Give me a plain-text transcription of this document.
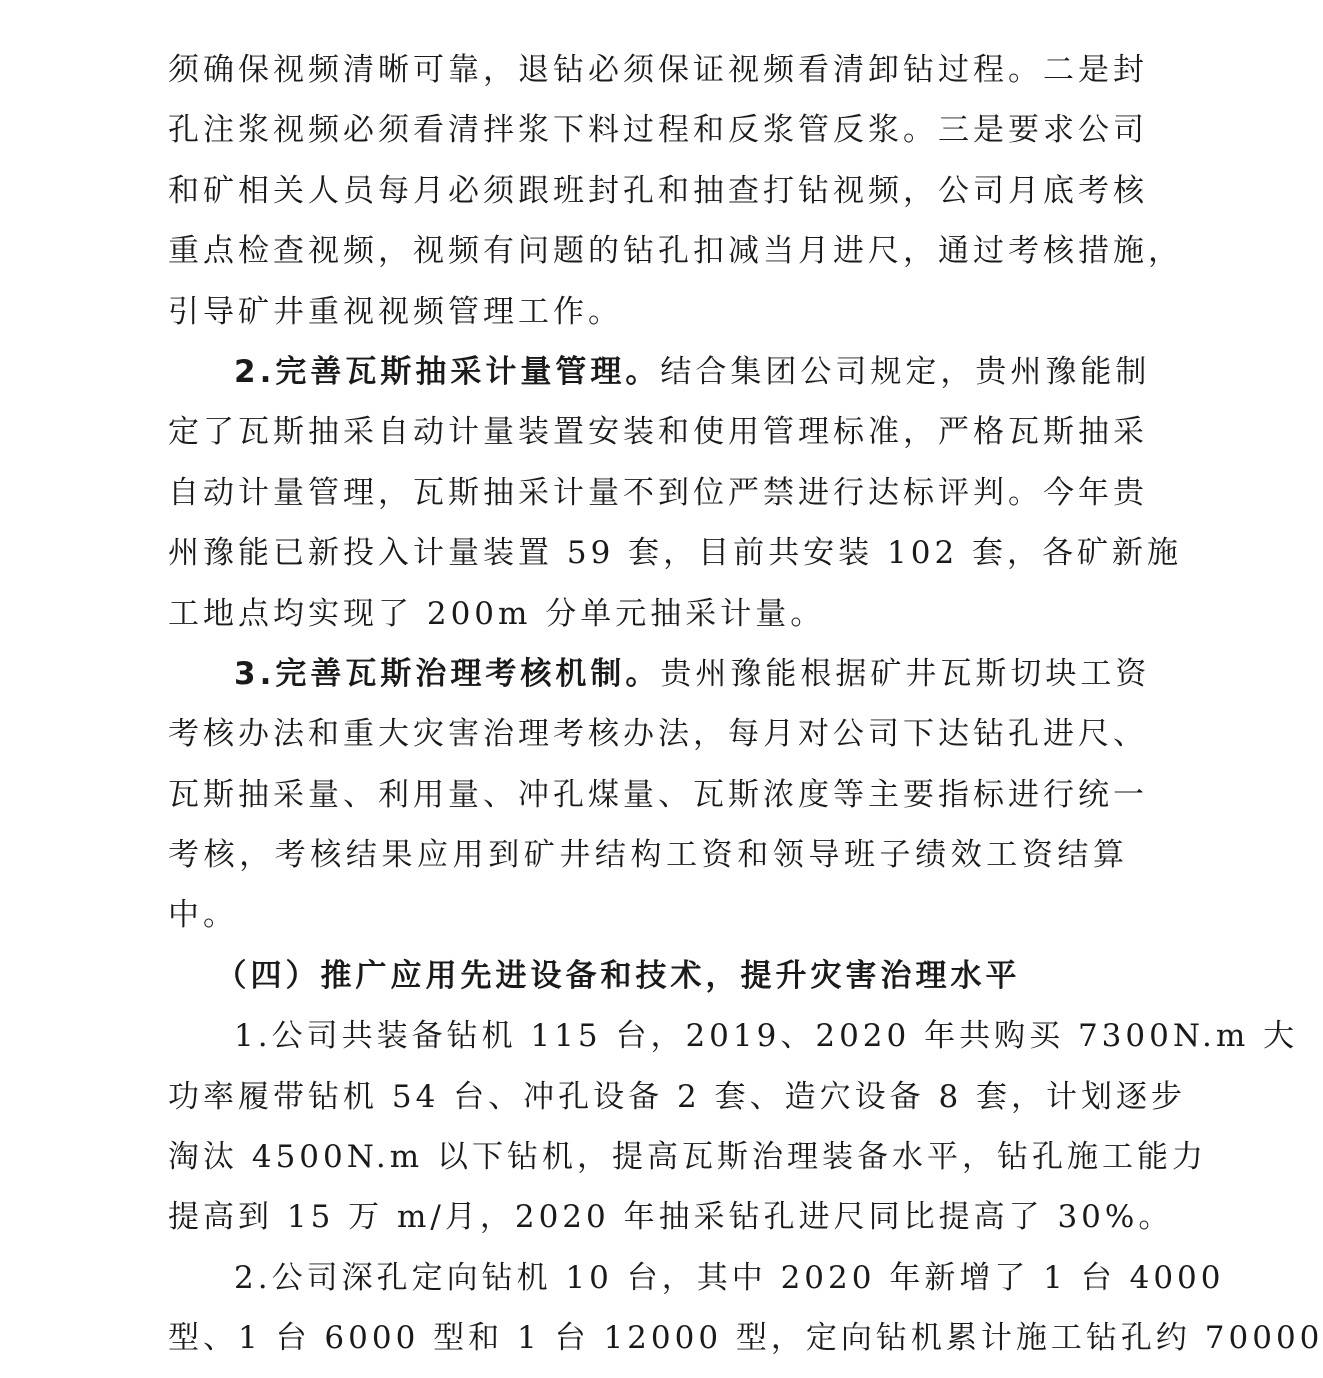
须确保视频清晰可靠，退钻必须保证视频看清卸钻过程。二是封
孔注浆视频必须看清拌浆下料过程和反浆管反浆。三是要求公司
和矿相关人员每月必须跟班封孔和抽查打钻视频，公司月底考核
重点检查视频，视频有问题的钻孔扣减当月进尺，通过考核措施，
引导矿井重视视频管理工作。
2.完善瓦斯抽采计量管理。结合集团公司规定，贵州豫能制
定了瓦斯抽采自动计量装置安装和使用管理标准，严格瓦斯抽采
自动计量管理，瓦斯抽采计量不到位严禁进行达标评判。今年贵
州豫能已新投入计量装置 59 套，目前共安装 102 套，各矿新施
工地点均实现了 200m 分单元抽采计量。
3.完善瓦斯治理考核机制。贵州豫能根据矿井瓦斯切块工资
考核办法和重大灾害治理考核办法，每月对公司下达钻孔进尺、
瓦斯抽采量、利用量、冲孔煤量、瓦斯浓度等主要指标进行统一
考核，考核结果应用到矿井结构工资和领导班子绩效工资结算
中。
（四）推广应用先进设备和技术，提升灾害治理水平
1.公司共装备钻机 115 台，2019、2020 年共购买 7300N.m 大
功率履带钻机 54 台、冲孔设备 2 套、造穴设备 8 套，计划逐步
淘汰 4500N.m 以下钻机，提高瓦斯治理装备水平，钻孔施工能力
提高到 15 万 m/月，2020 年抽采钻孔进尺同比提高了 30%。
2.公司深孔定向钻机 10 台，其中 2020 年新增了 1 台 4000
型、1 台 6000 型和 1 台 12000 型，定向钻机累计施工钻孔约 70000
